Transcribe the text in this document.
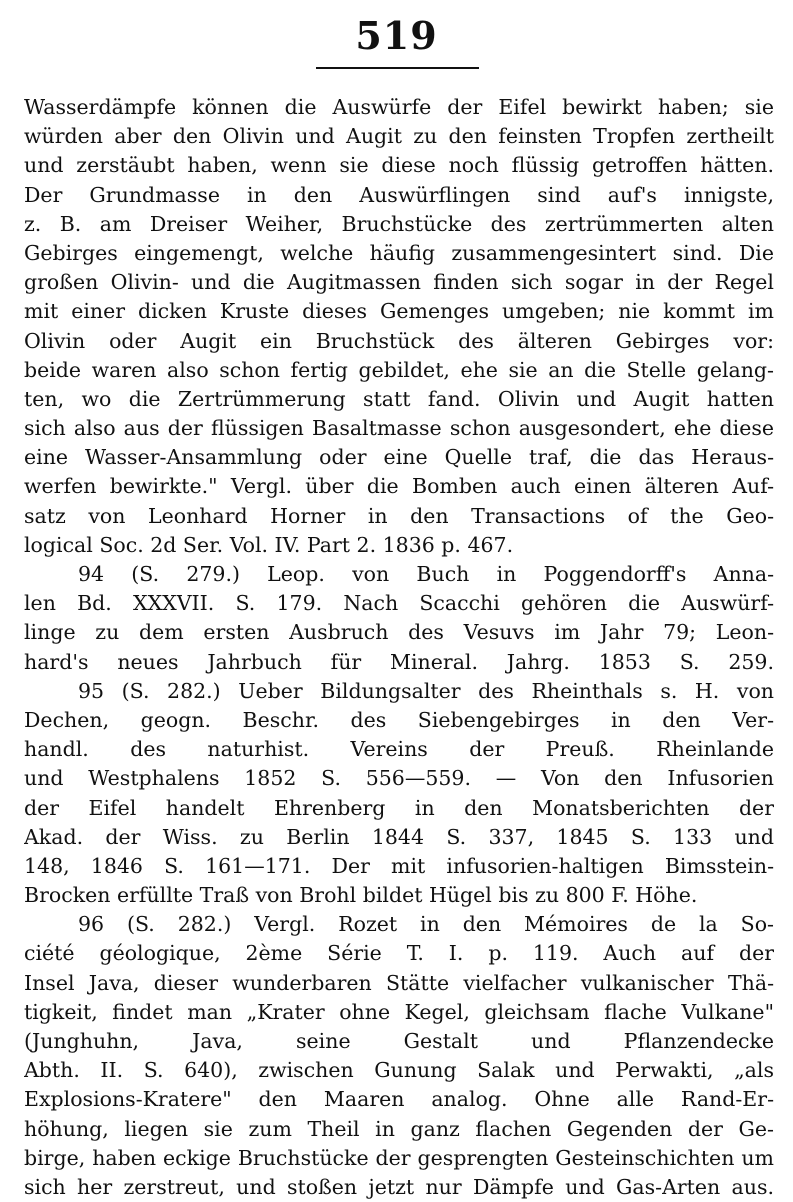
519
Wasserdämpfe können die Auswürfe der Eifel bewirkt haben; sie
würden aber den Olivin und Augit zu den feinsten Tropfen zertheilt
und zerstäubt haben, wenn sie diese noch flüssig getroffen hätten.
Der Grundmasse in den Auswürflingen sind auf's innigste,
z. B. am Dreiser Weiher, Bruchstücke des zertrümmerten alten
Gebirges eingemengt, welche häufig zusammengesintert sind. Die
großen Olivin- und die Augitmassen finden sich sogar in der Regel
mit einer dicken Kruste dieses Gemenges umgeben; nie kommt im
Olivin oder Augit ein Bruchstück des älteren Gebirges vor:
beide waren also schon fertig gebildet, ehe sie an die Stelle gelang-
ten, wo die Zertrümmerung statt fand. Olivin und Augit hatten
sich also aus der flüssigen Basaltmasse schon ausgesondert, ehe diese
eine Wasser-Ansammlung oder eine Quelle traf, die das Heraus-
werfen bewirkte." Vergl. über die Bomben auch einen älteren Auf-
satz von Leonhard Horner in den Transactions of the Geo-
logical Soc. 2d Ser. Vol. IV. Part 2. 1836 p. 467.
94 (S. 279.) Leop. von Buch in Poggendorff's Anna-
len Bd. XXXVII. S. 179. Nach Scacchi gehören die Auswürf-
linge zu dem ersten Ausbruch des Vesuvs im Jahr 79; Leon-
hard's neues Jahrbuch für Mineral. Jahrg. 1853 S. 259.
95 (S. 282.) Ueber Bildungsalter des Rheinthals s. H. von
Dechen, geogn. Beschr. des Siebengebirges in den Ver-
handl. des naturhist. Vereins der Preuß. Rheinlande
und Westphalens 1852 S. 556—559. — Von den Infusorien
der Eifel handelt Ehrenberg in den Monatsberichten der
Akad. der Wiss. zu Berlin 1844 S. 337, 1845 S. 133 und
148, 1846 S. 161—171. Der mit infusorien-haltigen Bimsstein-
Brocken erfüllte Traß von Brohl bildet Hügel bis zu 800 F. Höhe.
96 (S. 282.) Vergl. Rozet in den Mémoires de la So-
ciété géologique, 2ème Série T. I. p. 119. Auch auf der
Insel Java, dieser wunderbaren Stätte vielfacher vulkanischer Thä-
tigkeit, findet man „Krater ohne Kegel, gleichsam flache Vulkane"
(Junghuhn, Java, seine Gestalt und Pflanzendecke
Abth. II. S. 640), zwischen Gunung Salak und Perwakti, „als
Explosions-Kratere" den Maaren analog. Ohne alle Rand-Er-
höhung, liegen sie zum Theil in ganz flachen Gegenden der Ge-
birge, haben eckige Bruchstücke der gesprengten Gesteinschichten um
sich her zerstreut, und stoßen jetzt nur Dämpfe und Gas-Arten aus.
